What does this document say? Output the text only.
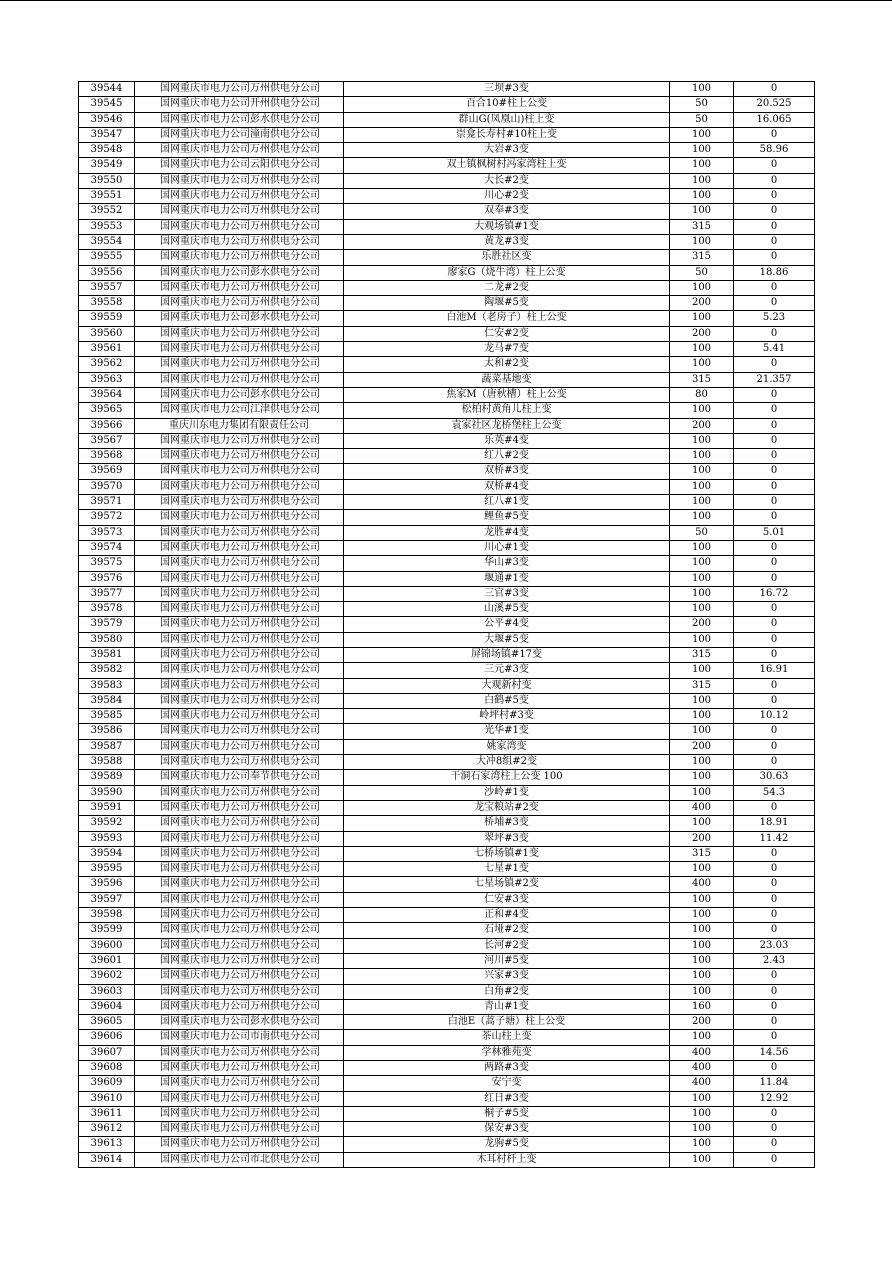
39544	国网重庆市电力公司万州供电分公司	三坝#3变	100	0
39545	国网重庆市电力公司开州供电分公司	百合10#柱上公变	50	20.525
39546	国网重庆市电力公司彭水供电分公司	群山G(凤凰山)柱上变	50	16.065
39547	国网重庆市电力公司潼南供电分公司	崇龛长寿村#10柱上变	100	0
39548	国网重庆市电力公司万州供电分公司	大岩#3变	100	58.96
39549	国网重庆市电力公司云阳供电分公司	双土镇枫树村冯家湾柱上变	100	0
39550	国网重庆市电力公司万州供电分公司	大长#2变	100	0
39551	国网重庆市电力公司万州供电分公司	川心#2变	100	0
39552	国网重庆市电力公司万州供电分公司	双奉#3变	100	0
39553	国网重庆市电力公司万州供电分公司	大观场镇#1变	315	0
39554	国网重庆市电力公司万州供电分公司	黄龙#3变	100	0
39555	国网重庆市电力公司万州供电分公司	乐胜社区变	315	0
39556	国网重庆市电力公司彭水供电分公司	廖家G（烧牛湾）柱上公变	50	18.86
39557	国网重庆市电力公司万州供电分公司	二龙#2变	100	0
39558	国网重庆市电力公司万州供电分公司	陶堰#5变	200	0
39559	国网重庆市电力公司彭水供电分公司	白池M（老房子）柱上公变	100	5.23
39560	国网重庆市电力公司万州供电分公司	仁安#2变	200	0
39561	国网重庆市电力公司万州供电分公司	龙马#7变	100	5.41
39562	国网重庆市电力公司万州供电分公司	太和#2变	100	0
39563	国网重庆市电力公司万州供电分公司	蔬菜基地变	315	21.357
39564	国网重庆市电力公司彭水供电分公司	焦家M（唐秋槽）柱上公变	80	0
39565	国网重庆市电力公司江津供电分公司	松柏村黄角儿柱上变	100	0
39566	重庆川东电力集团有限责任公司	袁家社区龙桥堡柱上公变	200	0
39567	国网重庆市电力公司万州供电分公司	乐英#4变	100	0
39568	国网重庆市电力公司万州供电分公司	红八#2变	100	0
39569	国网重庆市电力公司万州供电分公司	双桥#3变	100	0
39570	国网重庆市电力公司万州供电分公司	双桥#4变	100	0
39571	国网重庆市电力公司万州供电分公司	红八#1变	100	0
39572	国网重庆市电力公司万州供电分公司	鲤鱼#5变	100	0
39573	国网重庆市电力公司万州供电分公司	龙胜#4变	50	5.01
39574	国网重庆市电力公司万州供电分公司	川心#1变	100	0
39575	国网重庆市电力公司万州供电分公司	华山#3变	100	0
39576	国网重庆市电力公司万州供电分公司	堰通#1变	100	0
39577	国网重庆市电力公司万州供电分公司	三官#3变	100	16.72
39578	国网重庆市电力公司万州供电分公司	山溪#5变	100	0
39579	国网重庆市电力公司万州供电分公司	公平#4变	200	0
39580	国网重庆市电力公司万州供电分公司	大堰#5变	100	0
39581	国网重庆市电力公司万州供电分公司	屏锦场镇#17变	315	0
39582	国网重庆市电力公司万州供电分公司	三元#3变	100	16.91
39583	国网重庆市电力公司万州供电分公司	大观新村变	315	0
39584	国网重庆市电力公司万州供电分公司	白鹤#5变	100	0
39585	国网重庆市电力公司万州供电分公司	岭坪村#3变	100	10.12
39586	国网重庆市电力公司万州供电分公司	光华#1变	100	0
39587	国网重庆市电力公司万州供电分公司	姚家湾变	200	0
39588	国网重庆市电力公司万州供电分公司	大冲8组#2变	100	0
39589	国网重庆市电力公司奉节供电分公司	干洞石家湾柱上公变 100	100	30.63
39590	国网重庆市电力公司万州供电分公司	沙岭#1变	100	54.3
39591	国网重庆市电力公司万州供电分公司	龙宝粮站#2变	400	0
39592	国网重庆市电力公司万州供电分公司	桥埔#3变	100	18.91
39593	国网重庆市电力公司万州供电分公司	翠坪#3变	200	11.42
39594	国网重庆市电力公司万州供电分公司	七桥场镇#1变	315	0
39595	国网重庆市电力公司万州供电分公司	七星#1变	100	0
39596	国网重庆市电力公司万州供电分公司	七星场镇#2变	400	0
39597	国网重庆市电力公司万州供电分公司	仁安#3变	100	0
39598	国网重庆市电力公司万州供电分公司	正和#4变	100	0
39599	国网重庆市电力公司万州供电分公司	石垭#2变	100	0
39600	国网重庆市电力公司万州供电分公司	长河#2变	100	23.03
39601	国网重庆市电力公司万州供电分公司	河川#5变	100	2.43
39602	国网重庆市电力公司万州供电分公司	兴家#3变	100	0
39603	国网重庆市电力公司万州供电分公司	白角#2变	100	0
39604	国网重庆市电力公司万州供电分公司	青山#1变	160	0
39605	国网重庆市电力公司彭水供电分公司	白池E（蒿子塘）柱上公变	200	0
39606	国网重庆市电力公司市南供电分公司	茶山柱上变	100	0
39607	国网重庆市电力公司万州供电分公司	学林雅苑变	400	14.56
39608	国网重庆市电力公司万州供电分公司	两路#3变	400	0
39609	国网重庆市电力公司万州供电分公司	安宁变	400	11.84
39610	国网重庆市电力公司万州供电分公司	红日#3变	100	12.92
39611	国网重庆市电力公司万州供电分公司	桐子#5变	100	0
39612	国网重庆市电力公司万州供电分公司	保安#3变	100	0
39613	国网重庆市电力公司万州供电分公司	龙驹#5变	100	0
39614	国网重庆市电力公司市北供电分公司	木耳村杆上变	100	0
